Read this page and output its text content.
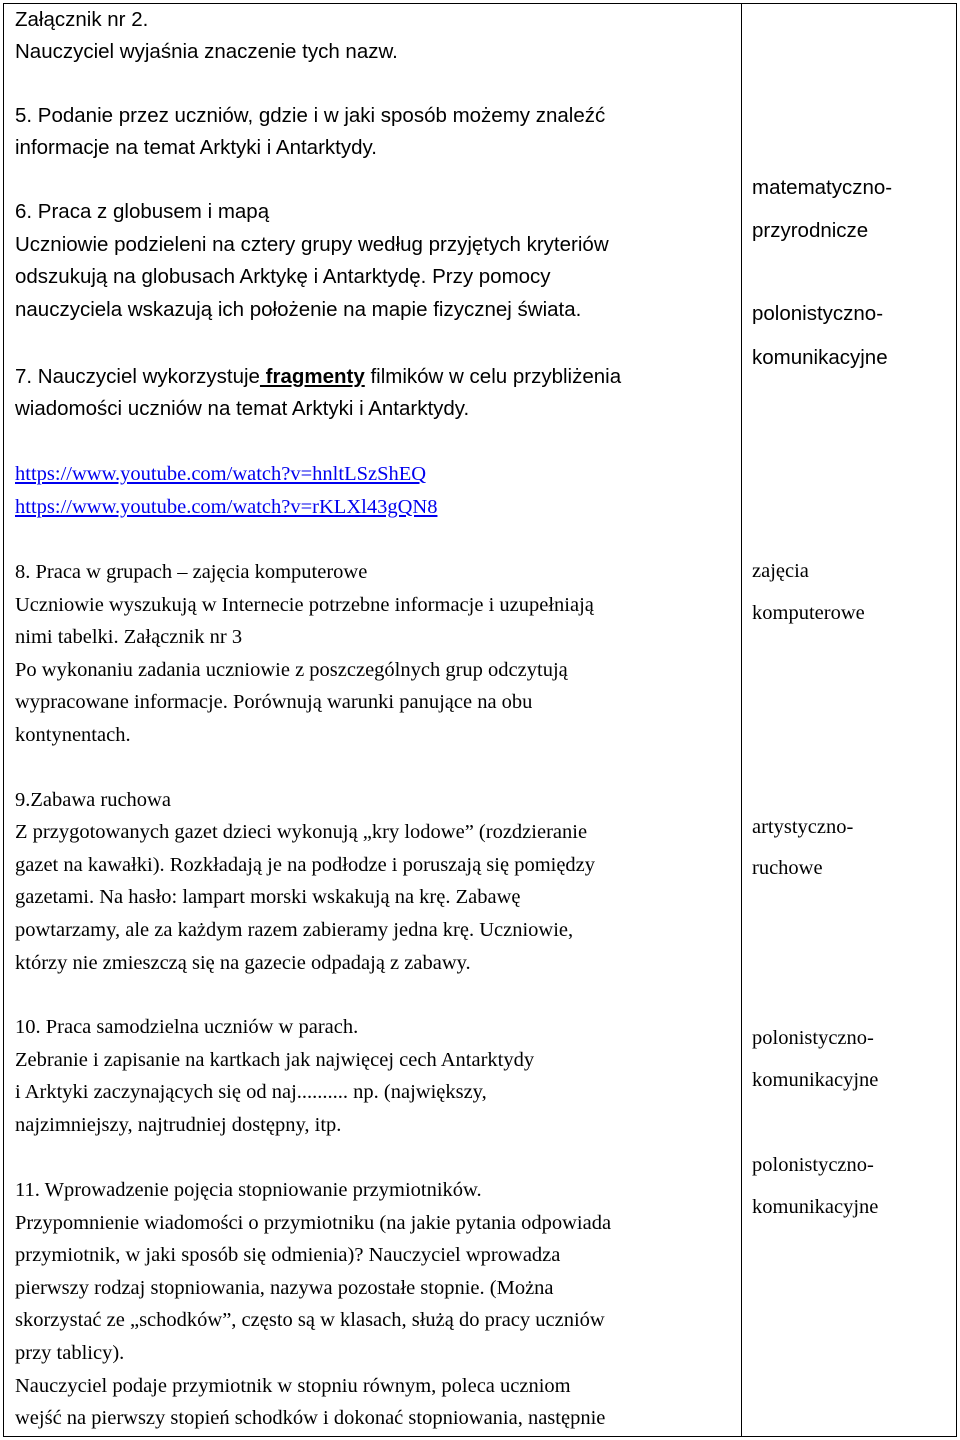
Załącznik nr 2.

Nauczyciel wyjaśnia znaczenie tych nazw.

5. Podanie przez uczniów, gdzie i w jaki sposób możemy znaleźć

informacje na temat Arktyki i Antarktydy.

6. Praca z globusem i mapą

Uczniowie podzieleni na cztery grupy według przyjętych kryteriów

odszukują na globusach Arktykę i Antarktydę. Przy pomocy

nauczyciela wskazują ich położenie na mapie fizycznej świata.

7. Nauczyciel wykorzystuje fragmenty filmików w celu przybliżenia

wiadomości uczniów na temat Arktyki i Antarktydy.

https://www.youtube.com/watch?v=hnltLSzShEQ

https://www.youtube.com/watch?v=rKLXl43gQN8

8. Praca w grupach – zajęcia komputerowe

Uczniowie wyszukują w Internecie potrzebne informacje i uzupełniają

nimi tabelki. Załącznik nr 3

Po wykonaniu zadania uczniowie z poszczególnych grup odczytują

wypracowane informacje. Porównują warunki panujące na obu

kontynentach.

9.Zabawa ruchowa

Z przygotowanych gazet dzieci wykonują „kry lodowe” (rozdzieranie

gazet na kawałki). Rozkładają je na podłodze i poruszają się pomiędzy

gazetami. Na hasło: lampart morski wskakują na krę. Zabawę

powtarzamy, ale za każdym razem zabieramy jedna krę. Uczniowie,

którzy nie zmieszczą się na gazecie odpadają z zabawy.

10. Praca samodzielna uczniów w parach.

Zebranie i zapisanie na kartkach jak najwięcej cech Antarktydy

i Arktyki zaczynających się od naj.......... np. (największy,

najzimniejszy, najtrudniej dostępny, itp.

11. Wprowadzenie pojęcia stopniowanie przymiotników.

Przypomnienie wiadomości o przymiotniku (na jakie pytania odpowiada

przymiotnik, w jaki sposób się odmienia)? Nauczyciel wprowadza

pierwszy rodzaj stopniowania, nazywa pozostałe stopnie. (Można

skorzystać ze „schodków”, często są w klasach, służą do pracy uczniów

przy tablicy).

Nauczyciel podaje przymiotnik w stopniu równym, poleca uczniom

wejść na pierwszy stopień schodków i dokonać stopniowania, następnie

matematyczno-

przyrodnicze

polonistyczno-

komunikacyjne

zajęcia

komputerowe

artystyczno-

ruchowe

polonistyczno-

komunikacyjne

polonistyczno-

komunikacyjne
